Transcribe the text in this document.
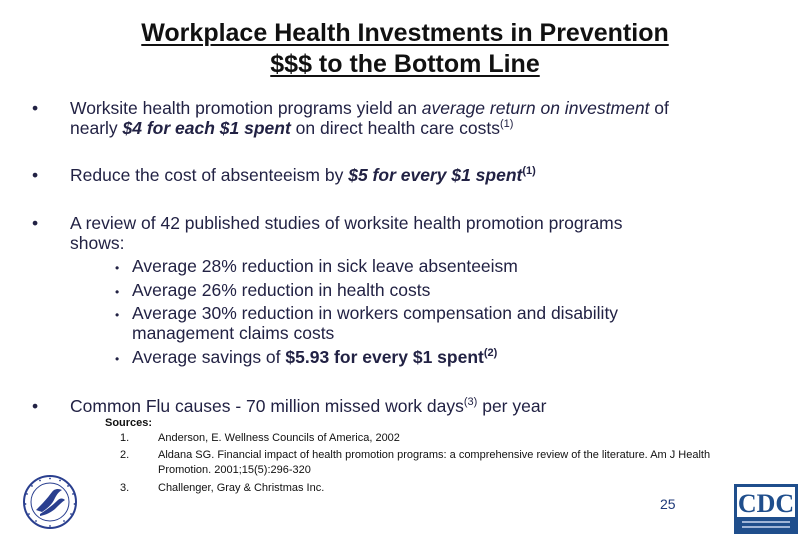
Workplace Health Investments in Prevention
$$$ to the Bottom Line
• Worksite health promotion programs yield an average return on investment of
nearly $4 for each $1 spent on direct health care costs$^{(1)}$
• Reduce the cost of absenteeism by $5 for every $1 spent$^{(1)}$
• A review of 42 published studies of worksite health promotion programs
shows:
• Average 28% reduction in sick leave absenteeism
• Average 26% reduction in health costs
• Average 30% reduction in workers compensation and disability
management claims costs
• Average savings of $5.93 for every $1 spent$^{(2)}$
• Common Flu causes - 70 million missed work days$^{(3)}$ per year
Sources:
1.	Anderson, E. Wellness Councils of America, 2002
2.	Aldana SG. Financial impact of health promotion programs: a comprehensive review of the literature. Am J Health
Promotion. 2001;15(5):296-320
3.	Challenger, Gray & Christmas Inc.
25 CDC
